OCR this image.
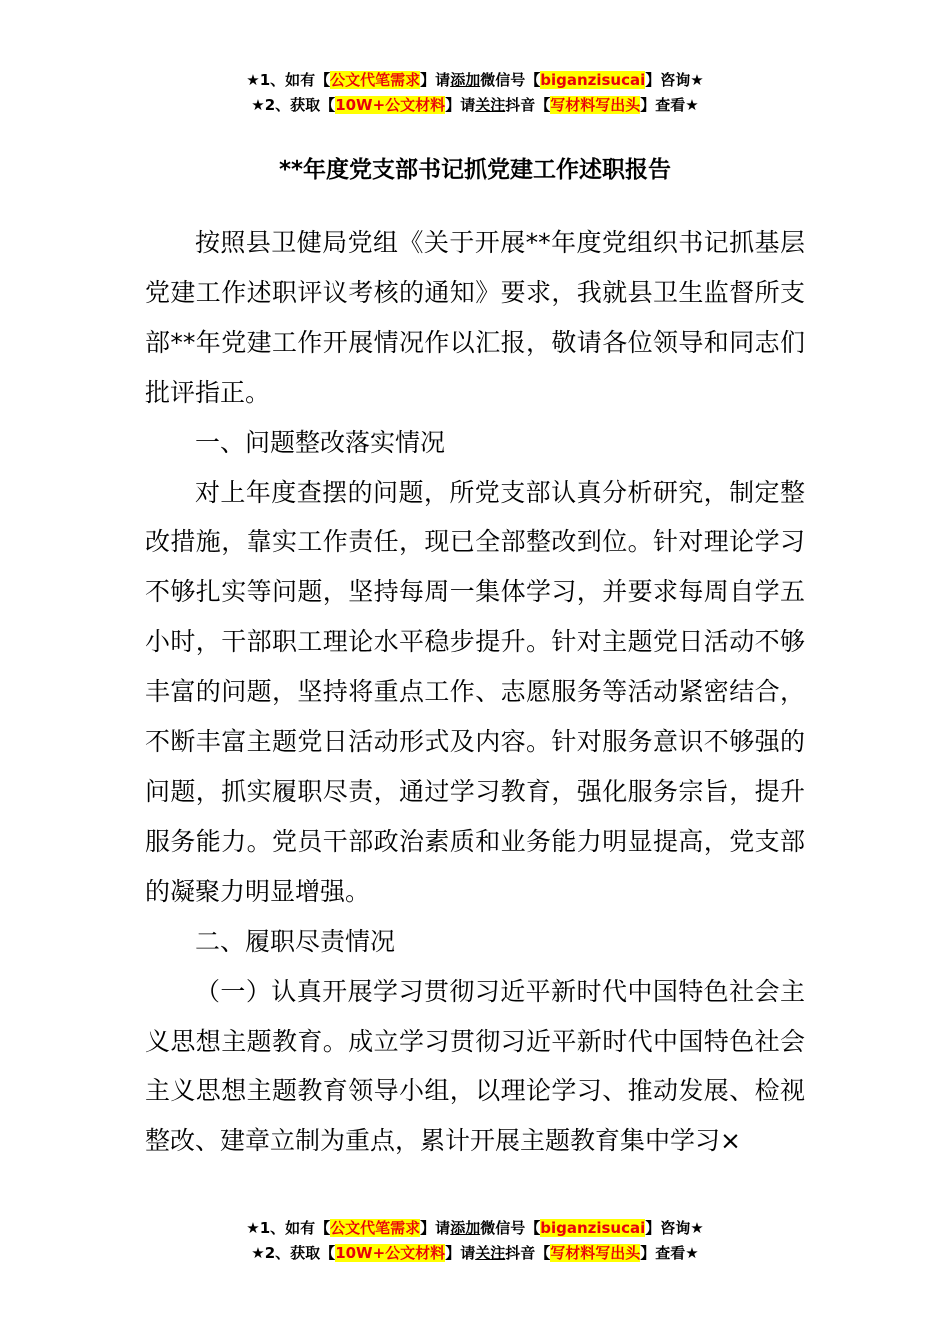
★1、如有【公文代笔需求】请添加微信号【biganzisucai】咨询★
★2、获取【10W+公文材料】请关注抖音【写材料写出头】查看★
**年度党支部书记抓党建工作述职报告

按照县卫健局党组《关于开展**年度党组织书记抓基层党建工作述职评议考核的通知》要求，我就县卫生监督所支部**年党建工作开展情况作以汇报，敬请各位领导和同志们批评指正。

一、问题整改落实情况

对上年度查摆的问题，所党支部认真分析研究，制定整改措施，靠实工作责任，现已全部整改到位。针对理论学习不够扎实等问题，坚持每周一集体学习，并要求每周自学五小时，干部职工理论水平稳步提升。针对主题党日活动不够丰富的问题，坚持将重点工作、志愿服务等活动紧密结合，不断丰富主题党日活动形式及内容。针对服务意识不够强的问题，抓实履职尽责，通过学习教育，强化服务宗旨，提升服务能力。党员干部政治素质和业务能力明显提高，党支部的凝聚力明显增强。

二、履职尽责情况

（一）认真开展学习贯彻习近平新时代中国特色社会主义思想主题教育。成立学习贯彻习近平新时代中国特色社会主义思想主题教育领导小组，以理论学习、推动发展、检视整改、建章立制为重点，累计开展主题教育集中学习×

★1、如有【公文代笔需求】请添加微信号【biganzisucai】咨询★
★2、获取【10W+公文材料】请关注抖音【写材料写出头】查看★
